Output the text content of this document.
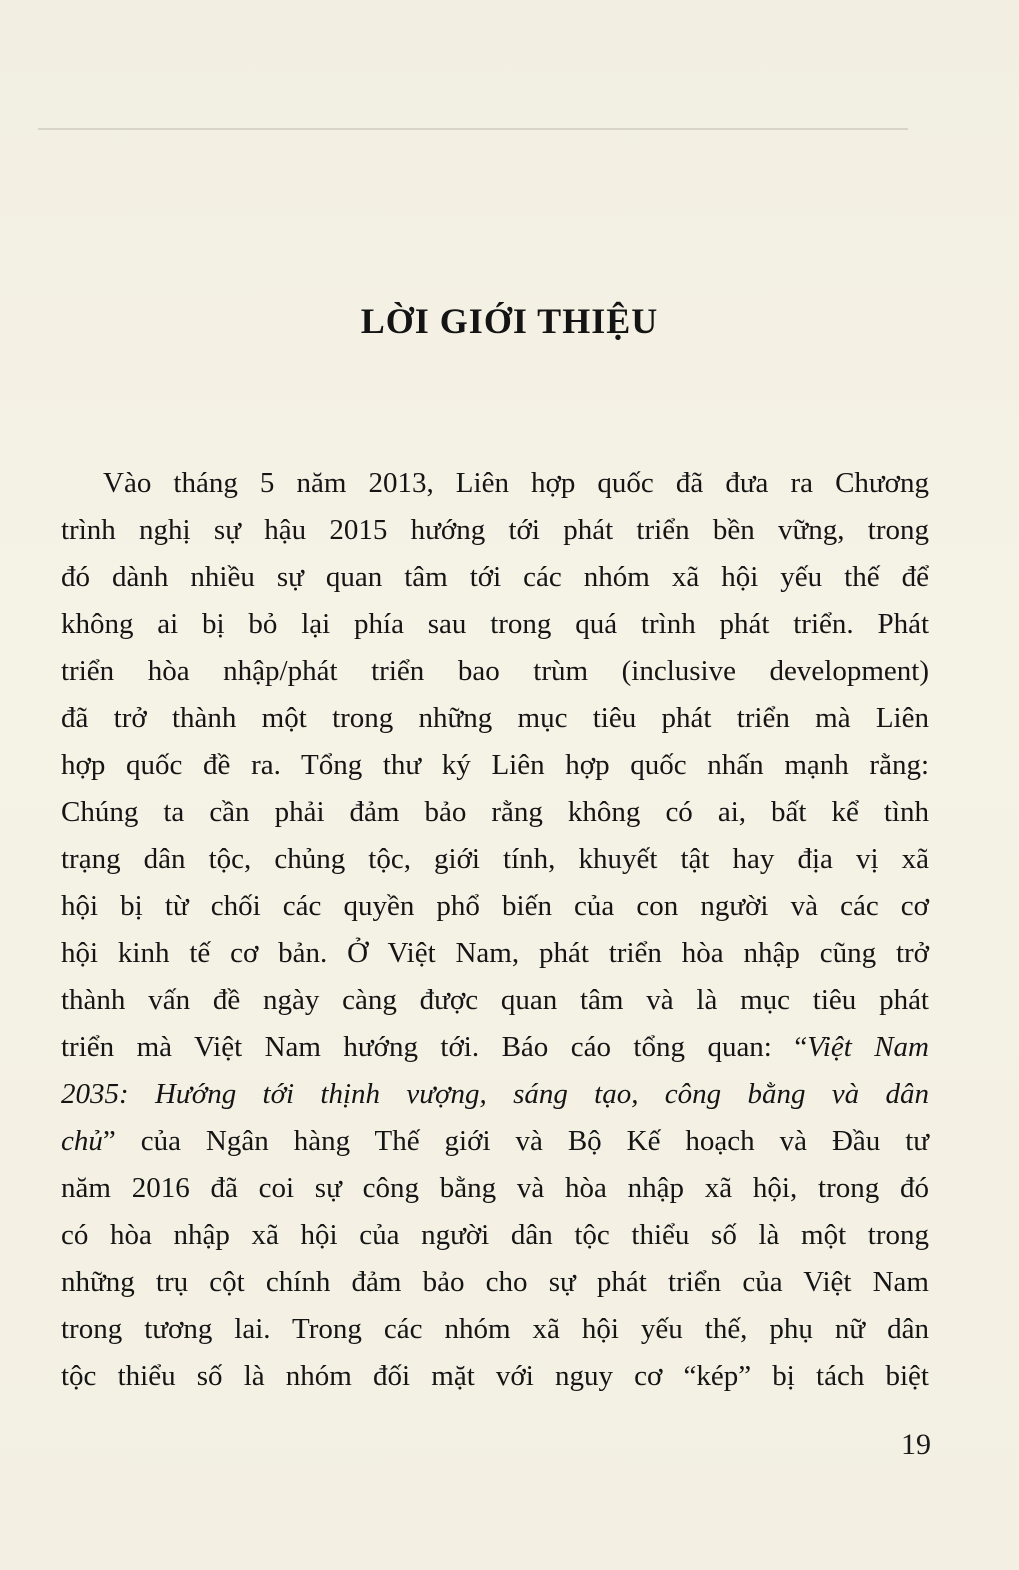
LỜI GIỚI THIỆU
Vào tháng 5 năm 2013, Liên hợp quốc đã đưa ra Chương
trình nghị sự hậu 2015 hướng tới phát triển bền vững, trong
đó dành nhiều sự quan tâm tới các nhóm xã hội yếu thế để
không ai bị bỏ lại phía sau trong quá trình phát triển. Phát
triển hòa nhập/phát triển bao trùm (inclusive development)
đã trở thành một trong những mục tiêu phát triển mà Liên
hợp quốc đề ra. Tổng thư ký Liên hợp quốc nhấn mạnh rằng:
Chúng ta cần phải đảm bảo rằng không có ai, bất kể tình
trạng dân tộc, chủng tộc, giới tính, khuyết tật hay địa vị xã
hội bị từ chối các quyền phổ biến của con người và các cơ
hội kinh tế cơ bản. Ở Việt Nam, phát triển hòa nhập cũng trở
thành vấn đề ngày càng được quan tâm và là mục tiêu phát
triển mà Việt Nam hướng tới. Báo cáo tổng quan: “Việt Nam
2035: Hướng tới thịnh vượng, sáng tạo, công bằng và dân
chủ” của Ngân hàng Thế giới và Bộ Kế hoạch và Đầu tư
năm 2016 đã coi sự công bằng và hòa nhập xã hội, trong đó
có hòa nhập xã hội của người dân tộc thiểu số là một trong
những trụ cột chính đảm bảo cho sự phát triển của Việt Nam
trong tương lai. Trong các nhóm xã hội yếu thế, phụ nữ dân
tộc thiểu số là nhóm đối mặt với nguy cơ “kép” bị tách biệt
19
